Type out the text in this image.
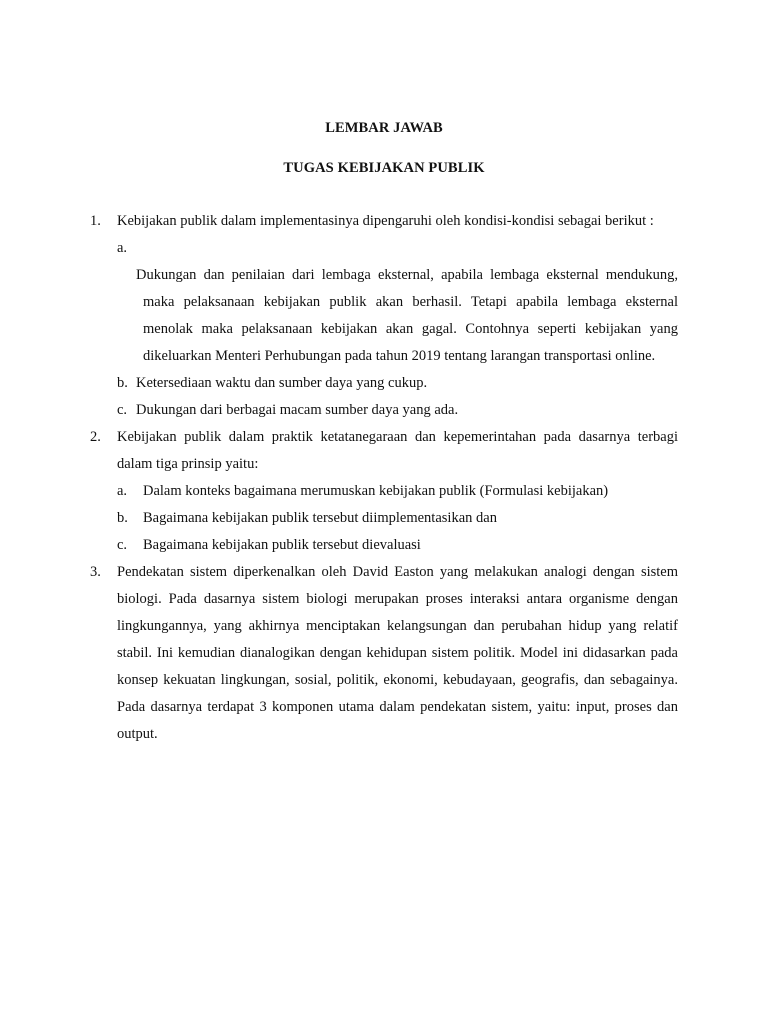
LEMBAR JAWAB
TUGAS KEBIJAKAN PUBLIK
1. Kebijakan publik dalam implementasinya dipengaruhi oleh kondisi-kondisi sebagai berikut :
a.
Dukungan dan penilaian dari lembaga eksternal, apabila lembaga eksternal mendukung, maka pelaksanaan kebijakan publik akan berhasil. Tetapi apabila lembaga eksternal menolak maka pelaksanaan kebijakan akan gagal. Contohnya seperti kebijakan yang dikeluarkan Menteri Perhubungan pada tahun 2019 tentang larangan transportasi online.
b. Ketersediaan waktu dan sumber daya yang cukup.
c. Dukungan dari berbagai macam sumber daya yang ada.
2. Kebijakan publik dalam praktik ketatanegaraan dan kepemerintahan pada dasarnya terbagi dalam tiga prinsip yaitu:
a. Dalam konteks bagaimana merumuskan kebijakan publik (Formulasi kebijakan)
b. Bagaimana kebijakan publik tersebut diimplementasikan dan
c. Bagaimana kebijakan publik tersebut dievaluasi
3. Pendekatan sistem diperkenalkan oleh David Easton yang melakukan analogi dengan sistem biologi. Pada dasarnya sistem biologi merupakan proses interaksi antara organisme dengan lingkungannya, yang akhirnya menciptakan kelangsungan dan perubahan hidup yang relatif stabil. Ini kemudian dianalogikan dengan kehidupan sistem politik. Model ini didasarkan pada konsep kekuatan lingkungan, sosial, politik, ekonomi, kebudayaan, geografis, dan sebagainya. Pada dasarnya terdapat 3 komponen utama dalam pendekatan sistem, yaitu: input, proses dan output.
